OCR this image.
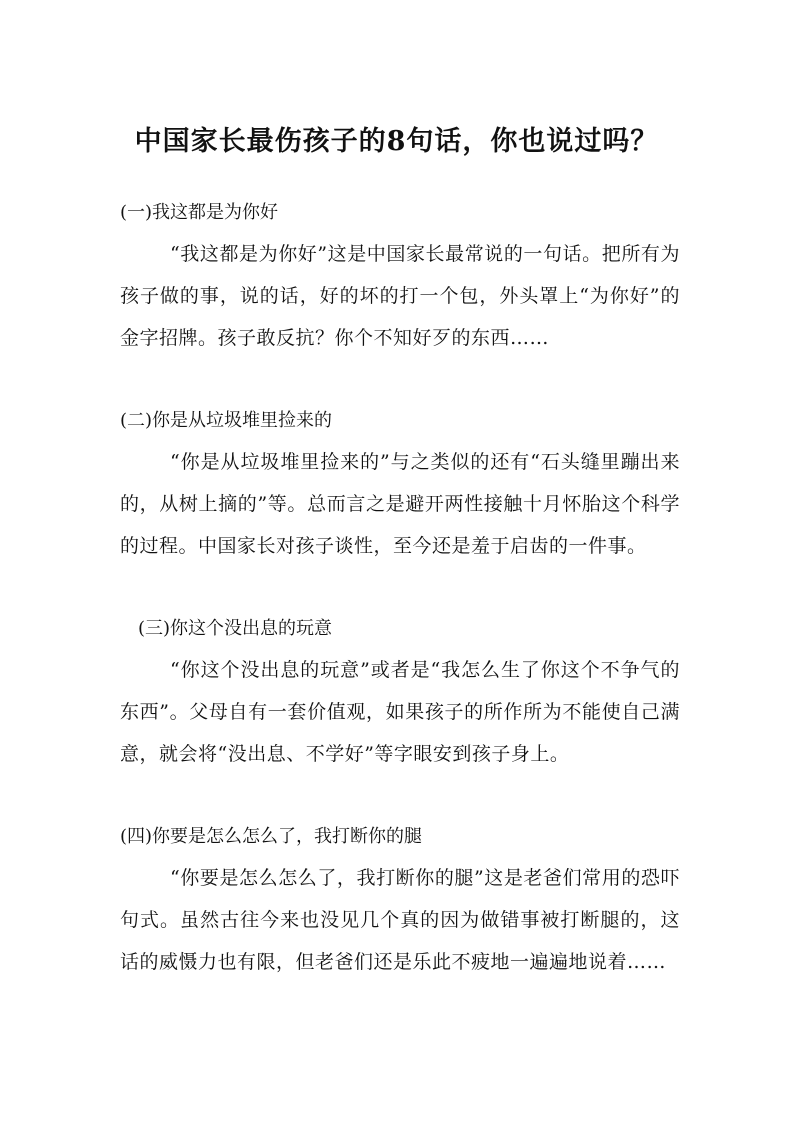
中国家长最伤孩子的8句话，你也说过吗？
(一)我这都是为你好
“我这都是为你好”这是中国家长最常说的一句话。把所有为孩子做的事，说的话，好的坏的打一个包，外头罩上“为你好”的金字招牌。孩子敢反抗？你个不知好歹的东西……
(二)你是从垃圾堆里捡来的
“你是从垃圾堆里捡来的”与之类似的还有“石头缝里蹦出来的，从树上摘的”等。总而言之是避开两性接触十月怀胎这个科学的过程。中国家长对孩子谈性，至今还是羞于启齿的一件事。
(三)你这个没出息的玩意
“你这个没出息的玩意”或者是“我怎么生了你这个不争气的东西”。父母自有一套价值观，如果孩子的所作所为不能使自己满意，就会将“没出息、不学好”等字眼安到孩子身上。
(四)你要是怎么怎么了，我打断你的腿
“你要是怎么怎么了，我打断你的腿”这是老爸们常用的恐吓句式。虽然古往今来也没见几个真的因为做错事被打断腿的，这话的威慑力也有限，但老爸们还是乐此不疲地一遍遍地说着……
